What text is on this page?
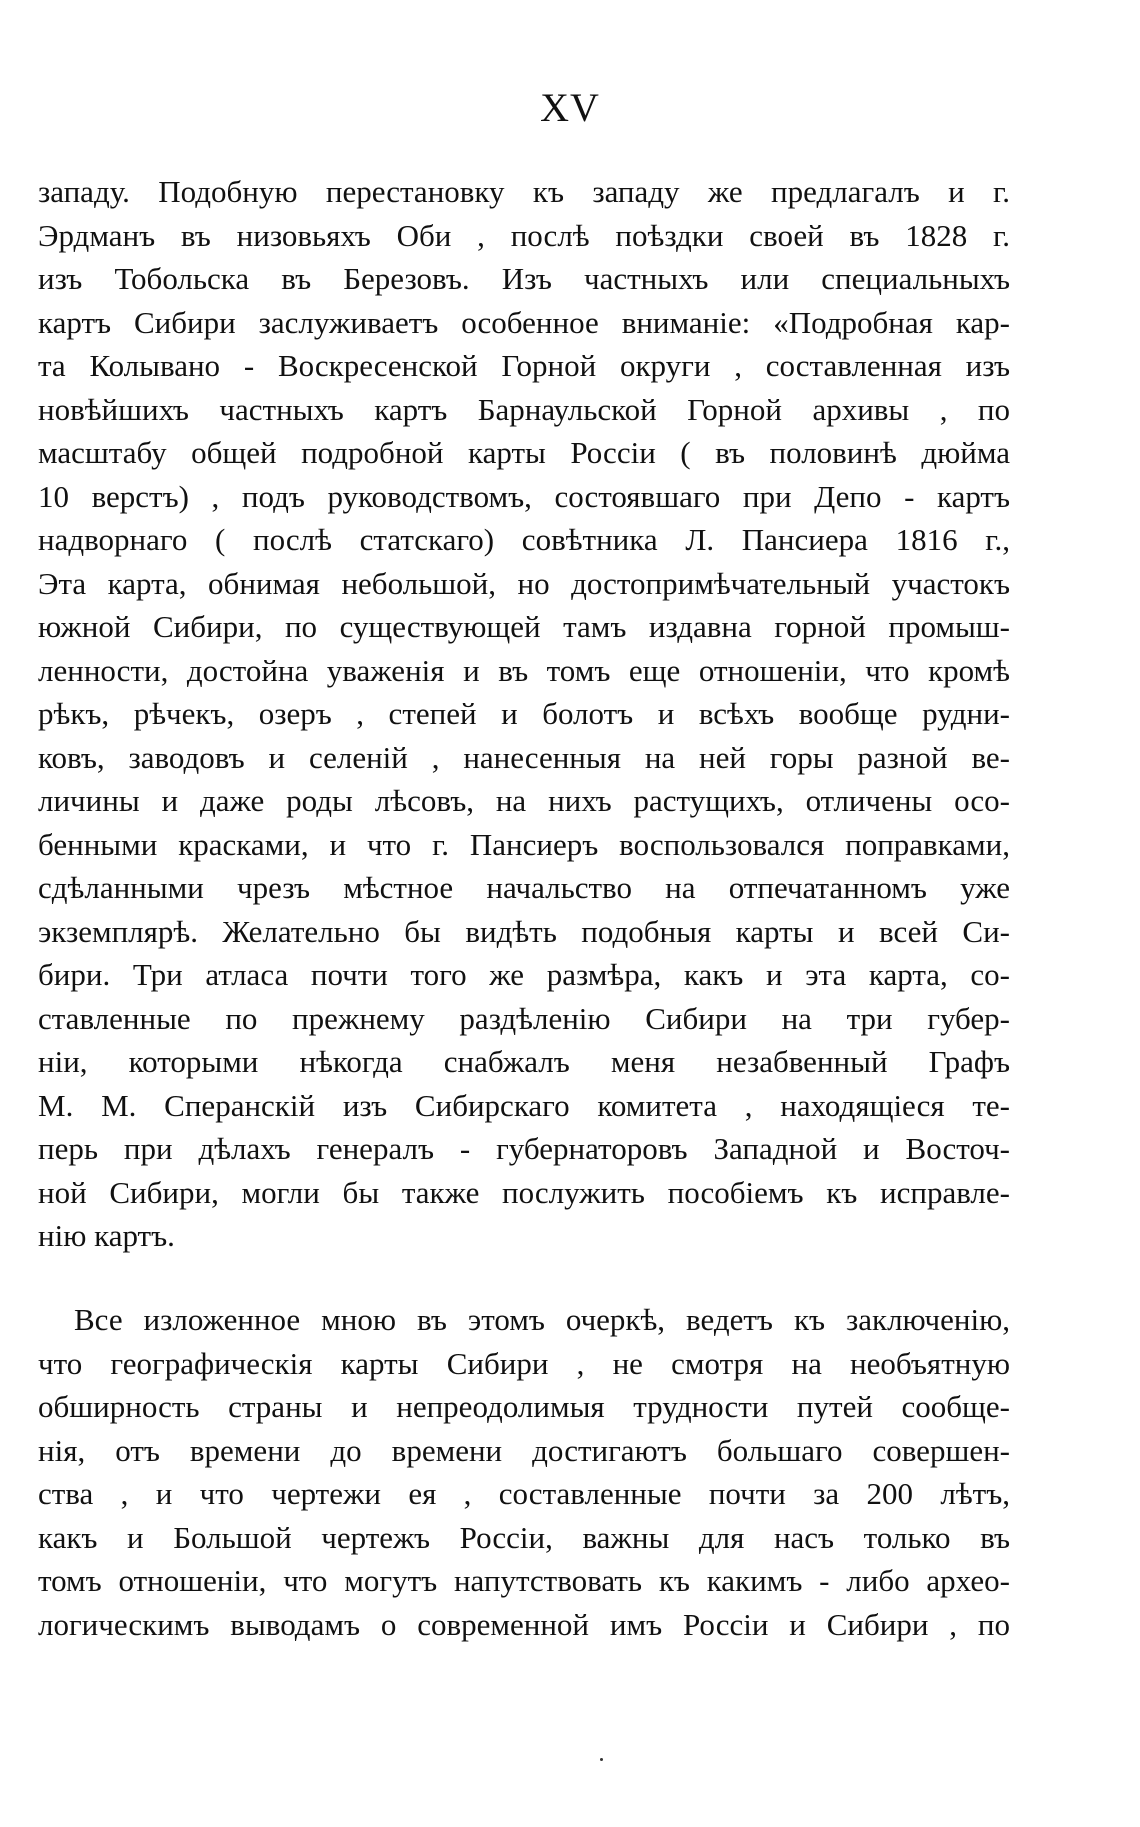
XV
западу. Подобную перестановку къ западу же предлагалъ и г.
Эрдманъ въ низовьяхъ Оби , послѣ поѣздки своей въ 1828 г.
изъ Тобольска въ Березовъ. Изъ частныхъ или специальныхъ
картъ Сибири заслуживаетъ особенное вниманіе: «Подробная кар-
та Колывано - Воскресенской Горной округи , составленная изъ
новѣйшихъ частныхъ картъ Барнаульской Горной архивы , по
масштабу общей подробной карты Россіи ( въ половинѣ дюйма
10 верстъ) , подъ руководствомъ, состоявшаго при Депо - картъ
надворнаго ( послѣ статскаго) совѣтника Л. Пансиера 1816 г.,
Эта карта, обнимая небольшой, но достопримѣчательный участокъ
южной Сибири, по существующей тамъ издавна горной промыш-
ленности, достойна уваженія и въ томъ еще отношеніи, что кромѣ
рѣкъ, рѣчекъ, озеръ , степей и болотъ и всѣхъ вообще рудни-
ковъ, заводовъ и селеній , нанесенныя на ней горы разной ве-
личины и даже роды лѣсовъ, на нихъ растущихъ, отличены осо-
бенными красками, и что г. Пансиеръ воспользовался поправками,
сдѣланными чрезъ мѣстное начальство на отпечатанномъ уже
экземплярѣ. Желательно бы видѣть подобныя карты и всей Си-
бири. Три атласа почти того же размѣра, какъ и эта карта, со-
ставленные по прежнему раздѣленію Сибири на три губер-
ніи, которыми нѣкогда снабжалъ меня незабвенный Графъ
М. М. Сперанскій изъ Сибирскаго комитета , находящіеся те-
перь при дѣлахъ генералъ - губернаторовъ Западной и Восточ-
ной Сибири, могли бы также послужить пособіемъ къ исправле-
нію картъ.
Все изложенное мною въ этомъ очеркѣ, ведетъ къ заключенію,
что географическія карты Сибири , не смотря на необъятную
обширность страны и непреодолимыя трудности путей сообще-
нія, отъ времени до времени достигаютъ большаго совершен-
ства , и что чертежи ея , составленные почти за 200 лѣтъ,
какъ и Большой чертежъ Россіи, важны для насъ только въ
томъ отношеніи, что могутъ напутствовать къ какимъ - либо архео-
логическимъ выводамъ о современной имъ Россіи и Сибири , по
